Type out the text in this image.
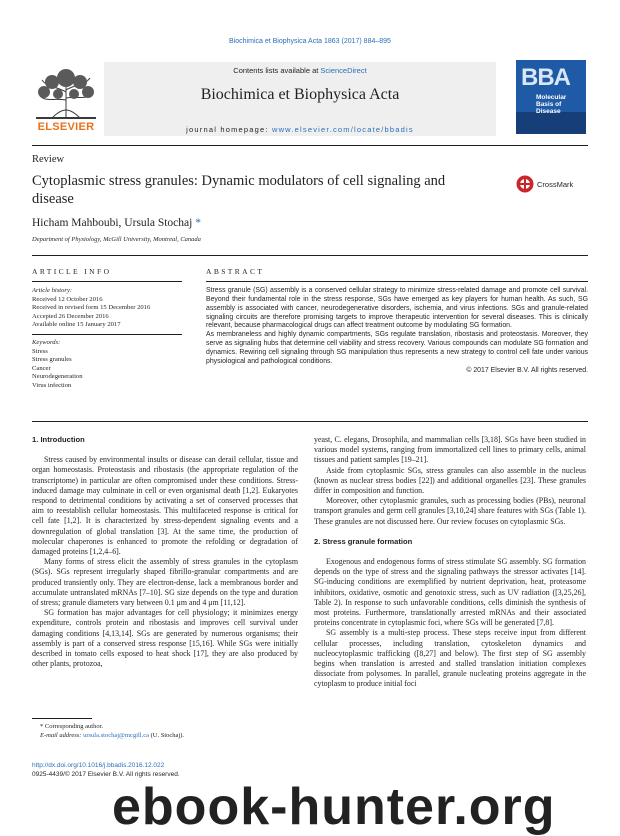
Biochimica et Biophysica Acta 1863 (2017) 884–895
Contents lists available at ScienceDirect
Biochimica et Biophysica Acta
journal homepage: www.elsevier.com/locate/bbadis
ELSEVIER
BBA
Molecular Basis of Disease
Review
Cytoplasmic stress granules: Dynamic modulators of cell signaling and disease
CrossMark
Hicham Mahboubi, Ursula Stochaj *
Department of Physiology, McGill University, Montreal, Canada
ARTICLE INFO
Article history:
Received 12 October 2016
Received in revised form 15 December 2016
Accepted 26 December 2016
Available online 15 January 2017
Keywords:
Stress
Stress granules
Cancer
Neurodegeneration
Virus infection
ABSTRACT

Stress granule (SG) assembly is a conserved cellular strategy to minimize stress-related damage and promote cell survival. Beyond their fundamental role in the stress response, SGs have emerged as key players for human health. As such, SG assembly is associated with cancer, neurodegenerative disorders, ischemia, and virus infections. SGs and granule-related signaling circuits are therefore promising targets to improve therapeutic intervention for several diseases. This is clinically relevant, because pharmacological drugs can affect treatment outcome by modulating SG formation.

As membraneless and highly dynamic compartments, SGs regulate translation, ribostasis and proteostasis. Moreover, they serve as signaling hubs that determine cell viability and stress recovery. Various compounds can modulate SG formation and dynamics. Rewiring cell signaling through SG manipulation thus represents a new strategy to control cell fate under various physiological and pathological conditions.

© 2017 Elsevier B.V. All rights reserved.

1. Introduction

Stress caused by environmental insults or disease can derail cellular, tissue and organ homeostasis. Proteostasis and ribostasis (the appropriate regulation of the transcriptome) in particular are often compromised under these conditions. Stress-induced damage may culminate in cell or even organismal death [1,2]. Eukaryotes respond to detrimental conditions by activating a set of conserved processes that aim to reestablish cellular homeostasis. This multifaceted response is critical for cell fate [1,2]. It is characterized by stress-dependent signaling events and a downregulation of global translation [3]. At the same time, the production of molecular chaperones is enhanced to promote the refolding or degradation of damaged proteins [1,2,4–6].

Many forms of stress elicit the assembly of stress granules in the cytoplasm (SGs). SGs represent irregularly shaped fibrillo-granular compartments and are produced transiently only. They are electron-dense, lack a membranous border and accumulate untranslated mRNAs [7–10]. SG size depends on the type and duration of stress; granule diameters vary between 0.1 μm and 4 μm [11,12].

SG formation has major advantages for cell physiology; it minimizes energy expenditure, controls protein and ribostasis and improves cell survival under damaging conditions [4,13,14]. SGs are generated by numerous organisms; their assembly is part of a conserved stress response [15,16]. While SGs were initially described in tomato cells exposed to heat shock [17], they are also produced by other plants, protozoa,

yeast, C. elegans, Drosophila, and mammalian cells [3,18]. SGs have been studied in various model systems, ranging from immortalized cell lines to primary cells, animal tissues and patient samples [19–21].

Aside from cytoplasmic SGs, stress granules can also assemble in the nucleus (known as nuclear stress bodies [22]) and additional organelles [23]. These granules differ in composition and function.

Moreover, other cytoplasmic granules, such as processing bodies (PBs), neuronal transport granules and germ cell granules [3,10,24] share features with SGs (Table 1). These granules are not discussed here. Our review focuses on cytoplasmic SGs.

2. Stress granule formation

Exogenous and endogenous forms of stress stimulate SG assembly. SG formation depends on the type of stress and the signaling pathways the stressor activates [14]. SG-inducing conditions are exemplified by nutrient deprivation, heat, proteasome inhibitors, oxidative, osmotic and genotoxic stress, such as UV radiation ([3,25,26], Table 2). In response to such unfavorable conditions, cells diminish the synthesis of most proteins. Furthermore, translationally arrested mRNAs and their associated proteins concentrate in cytoplasmic foci, where SGs will be generated [7,8].

SG assembly is a multi-step process. These steps receive input from different cellular processes, including translation, cytoskeleton dynamics and nucleocytoplasmic trafficking ([8,27] and below). The first step of SG assembly begins when translation is arrested and stalled translation initiation complexes dissociate from polysomes. In parallel, granule nucleating proteins aggregate in the cytoplasm to produce initial foci

* Corresponding author.
E-mail address: ursula.stochaj@mcgill.ca (U. Stochaj).
http://dx.doi.org/10.1016/j.bbadis.2016.12.022
0925-4439/© 2017 Elsevier B.V. All rights reserved.
ebook-hunter.org
